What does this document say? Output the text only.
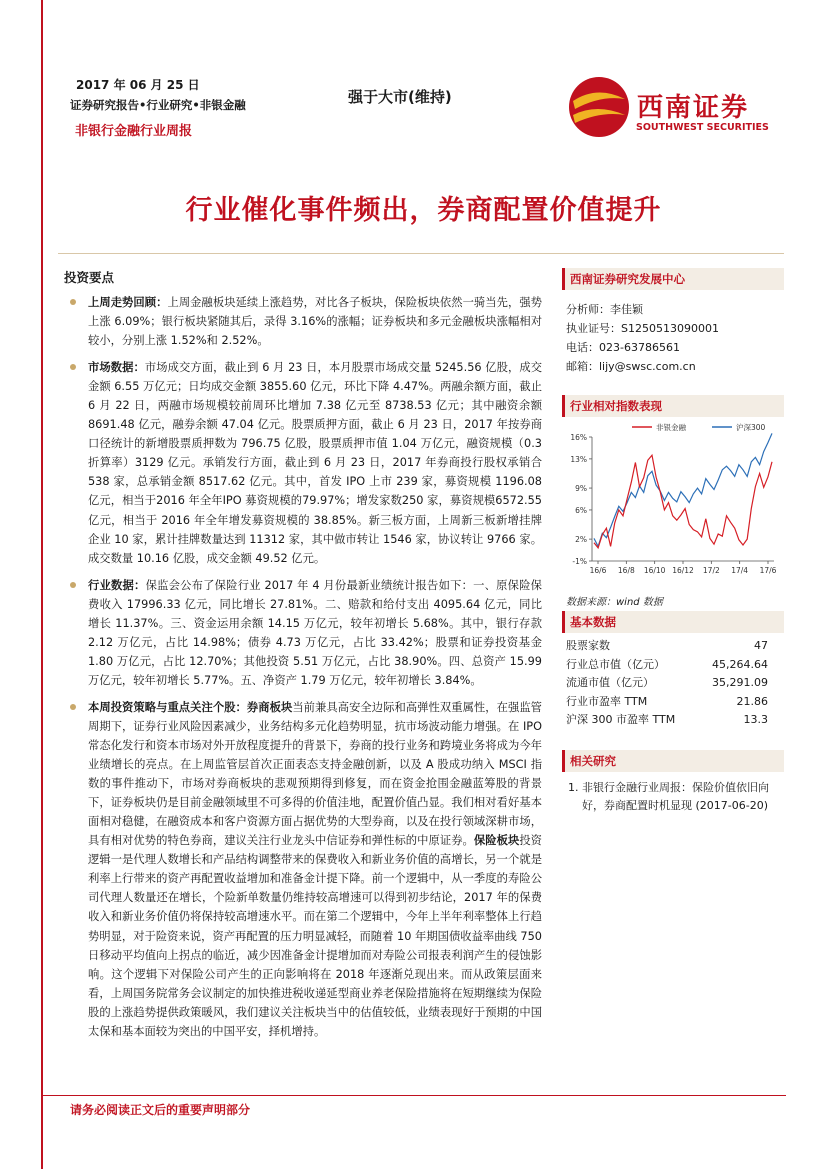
2017 年 06 月 25 日
证券研究报告•行业研究•非银金融
非银行金融行业周报
强于大市(维持)	西南证券
SOUTHWEST SECURITIES
行业催化事件频出，券商配置价值提升
投资要点

上周走势回顾：上周金融板块延续上涨趋势，对比各子板块，保险板块依然一骑当先，强势上涨 6.09%；银行板块紧随其后，录得 3.16%的涨幅；证券板块和多元金融板块涨幅相对较小，分别上涨 1.52%和 2.52%。

市场数据：市场成交方面，截止到 6 月 23 日，本月股票市场成交量 5245.56 亿股，成交金额 6.55 万亿元；日均成交金额 3855.60 亿元，环比下降 4.47%。两融余额方面，截止 6 月 22 日，两融市场规模较前周环比增加 7.38 亿元至 8738.53 亿元；其中融资余额 8691.48 亿元，融券余额 47.04 亿元。股票质押方面，截止 6 月 23 日，2017 年按券商口径统计的新增股票质押数为 796.75 亿股，股票质押市值 1.04 万亿元，融资规模（0.3 折算率）3129 亿元。承销发行方面，截止到 6 月 23 日，2017 年券商投行股权承销合 538 家，总承销金额 8517.62 亿元。其中，首发 IPO 上市 239 家，募资规模 1196.08 亿元，相当于2016 年全年IPO 募资规模的79.97%；增发家数250 家，募资规模6572.55 亿元，相当于 2016 年全年增发募资规模的 38.85%。新三板方面，上周新三板新增挂牌企业 10 家，累计挂牌数量达到 11312 家，其中做市转让 1546 家，协议转让 9766 家。成交数量 10.16 亿股，成交金额 49.52 亿元。

行业数据：保监会公布了保险行业 2017 年 4 月份最新业绩统计报告如下：一、原保险保费收入 17996.33 亿元，同比增长 27.81%。二、赔款和给付支出 4095.64 亿元，同比增长 11.37%。三、资金运用余额 14.15 万亿元，较年初增长 5.68%。其中，银行存款 2.12 万亿元，占比 14.98%；债券 4.73 万亿元，占比 33.42%；股票和证券投资基金 1.80 万亿元，占比 12.70%；其他投资 5.51 万亿元，占比 38.90%。四、总资产 15.99 万亿元，较年初增长 5.77%。五、净资产 1.79 万亿元，较年初增长 3.84%。

本周投资策略与重点关注个股：券商板块当前兼具高安全边际和高弹性双重属性，在强监管周期下，证券行业风险因素减少，业务结构多元化趋势明显，抗市场波动能力增强。在 IPO 常态化发行和资本市场对外开放程度提升的背景下，券商的投行业务和跨境业务将成为今年业绩增长的亮点。在上周监管层首次正面表态支持金融创新，以及 A 股成功纳入 MSCI 指数的事件推动下，市场对券商板块的悲观预期得到修复，而在资金抢围金融蓝筹股的背景下，证券板块仍是目前金融领域里不可多得的价值洼地，配置价值凸显。我们相对看好基本面相对稳健，在融资成本和客户资源方面占据优势的大型券商，以及在投行领域深耕市场，具有相对优势的特色券商，建议关注行业龙头中信证券和弹性标的中原证券。保险板块投资逻辑一是代理人数增长和产品结构调整带来的保费收入和新业务价值的高增长，另一个就是利率上行带来的资产再配置收益增加和准备金计提下降。前一个逻辑中，从一季度的寿险公司代理人数量还在增长，个险新单数量仍维持较高增速可以得到初步结论，2017 年的保费收入和新业务价值仍将保持较高增速水平。而在第二个逻辑中，今年上半年利率整体上行趋势明显，对于险资来说，资产再配置的压力明显减轻，而随着 10 年期国债收益率曲线 750 日移动平均值向上拐点的临近，减少因准备金计提增加而对寿险公司报表利润产生的侵蚀影响。这个逻辑下对保险公司产生的正向影响将在 2018 年逐渐兑现出来。而从政策层面来看，上周国务院常务会议制定的加快推进税收递延型商业养老保险措施将在短期继续为保险股的上涨趋势提供政策暖风，我们建议关注板块当中的估值较低，业绩表现好于预期的中国太保和基本面较为突出的中国平安，择机增持。

西南证券研究发展中心
分析师：李佳颖
执业证号：S1250513090001
电话：023-63786561
邮箱：lijy@swsc.com.cn
行业相对指数表现
16%
13%
9%
6%
2%
-1%
16/6 16/8 16/10 16/12 17/2 17/4 17/6
非银金融	沪深300
数据来源：wind 数据
基本数据
股票家数	47
行业总市值（亿元）	45,264.64
流通市值（亿元）	35,291.09
行业市盈率 TTM	21.86
沪深 300 市盈率 TTM	13.3
相关研究
1. 非银行金融行业周报：保险价值依旧向好，券商配置时机显现 (2017-06-20)
请务必阅读正文后的重要声明部分
